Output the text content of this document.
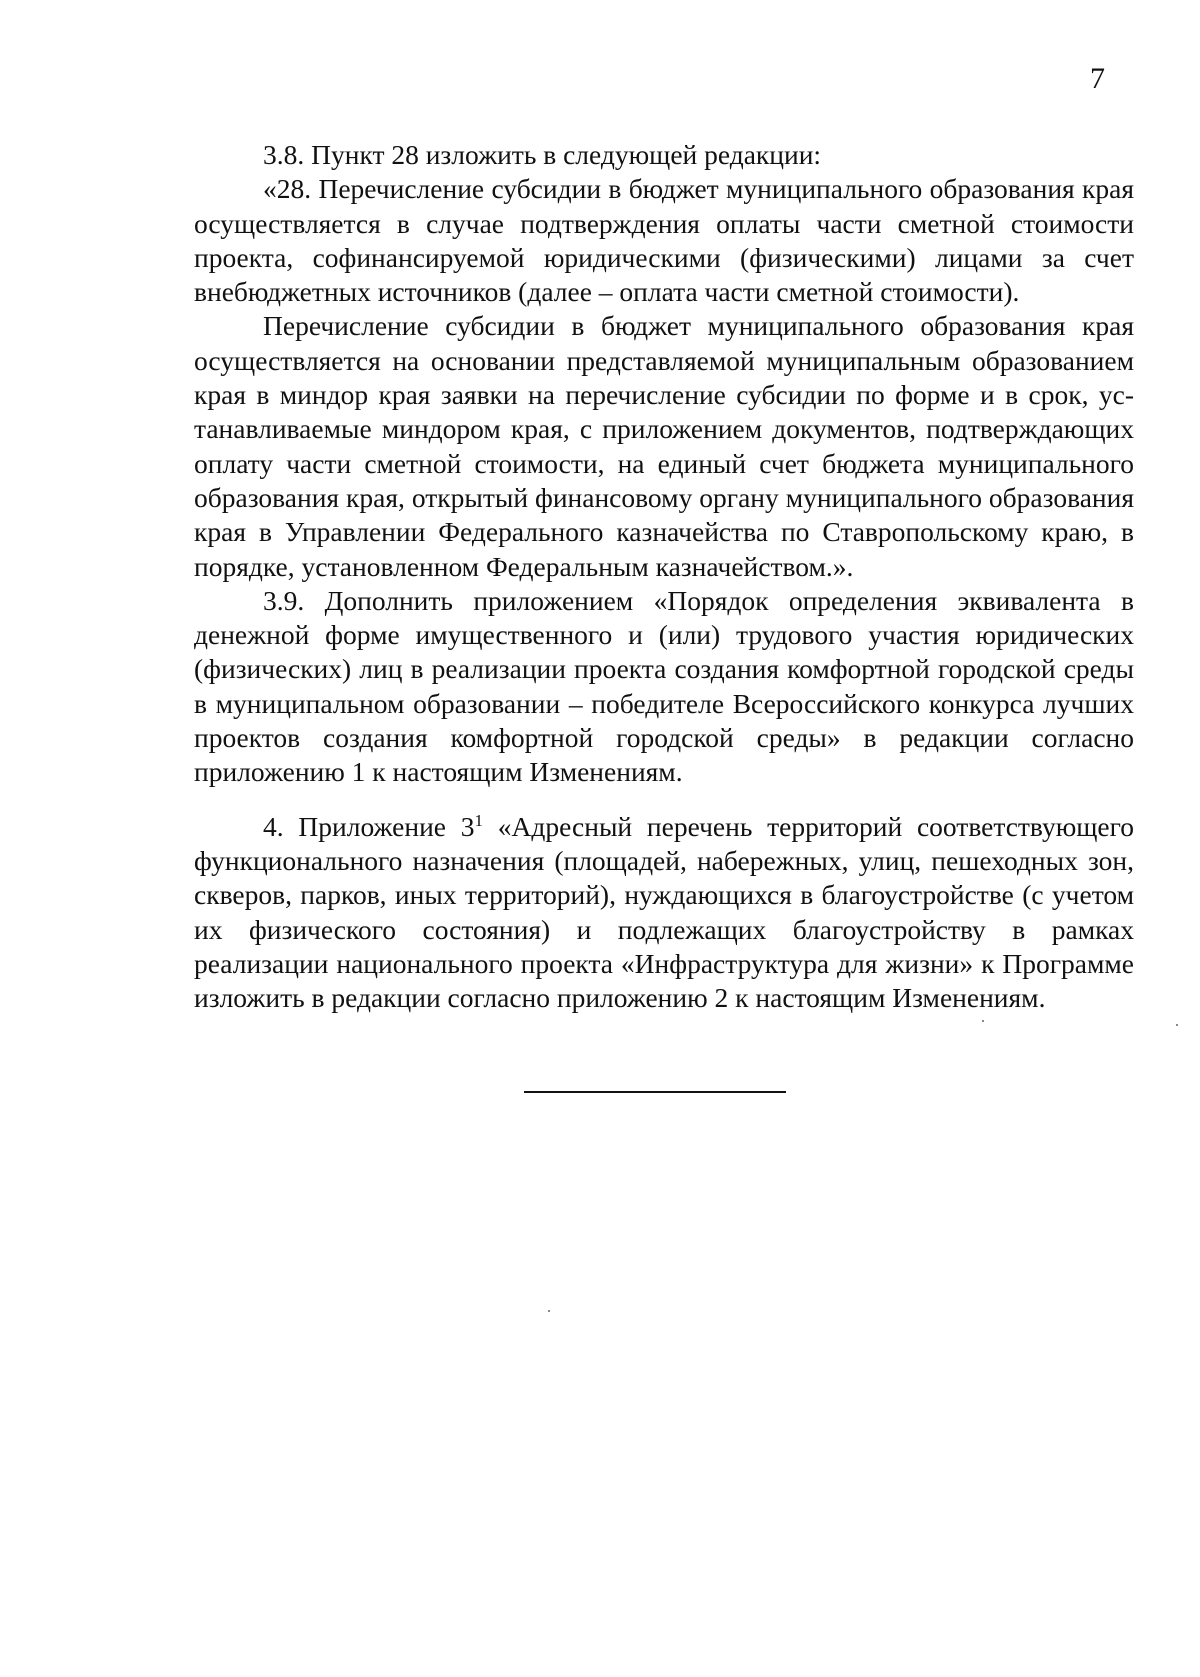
7

3.8. Пункт 28 изложить в следующей редакции:

«28. Перечисление субсидии в бюджет муниципального образования края осуществляется в случае подтверждения оплаты части сметной стоимости проекта, софинансируемой юридическими (физическими) лицами за счет внебюджетных источников (далее – оплата части сметной стоимости).

Перечисление субсидии в бюджет муниципального образования края осуществляется на основании представляемой муниципальным образованием края в миндор края заявки на перечисление субсидии по форме и в срок, устанавливаемые миндором края, с приложением документов, подтверждающих оплату части сметной стоимости, на единый счет бюджета муниципального образования края, открытый финансовому органу муниципального образования края в Управлении Федерального казначейства по Ставропольскому краю, в порядке, установленном Федеральным казначейством.».

3.9. Дополнить приложением «Порядок определения эквивалента в денежной форме имущественного и (или) трудового участия юридических (физических) лиц в реализации проекта создания комфортной городской среды в муниципальном образовании – победителе Всероссийского конкурса лучших проектов создания комфортной городской среды» в редакции согласно приложению 1 к настоящим Изменениям.

4. Приложение $3^1$ «Адресный перечень территорий соответствующего функционального назначения (площадей, набережных, улиц, пешеходных зон, скверов, парков, иных территорий), нуждающихся в благоустройстве (с учетом их физического состояния) и подлежащих благоустройству в рамках реализации национального проекта «Инфраструктура для жизни» к Программе изложить в редакции согласно приложению 2 к настоящим Изменениям.
